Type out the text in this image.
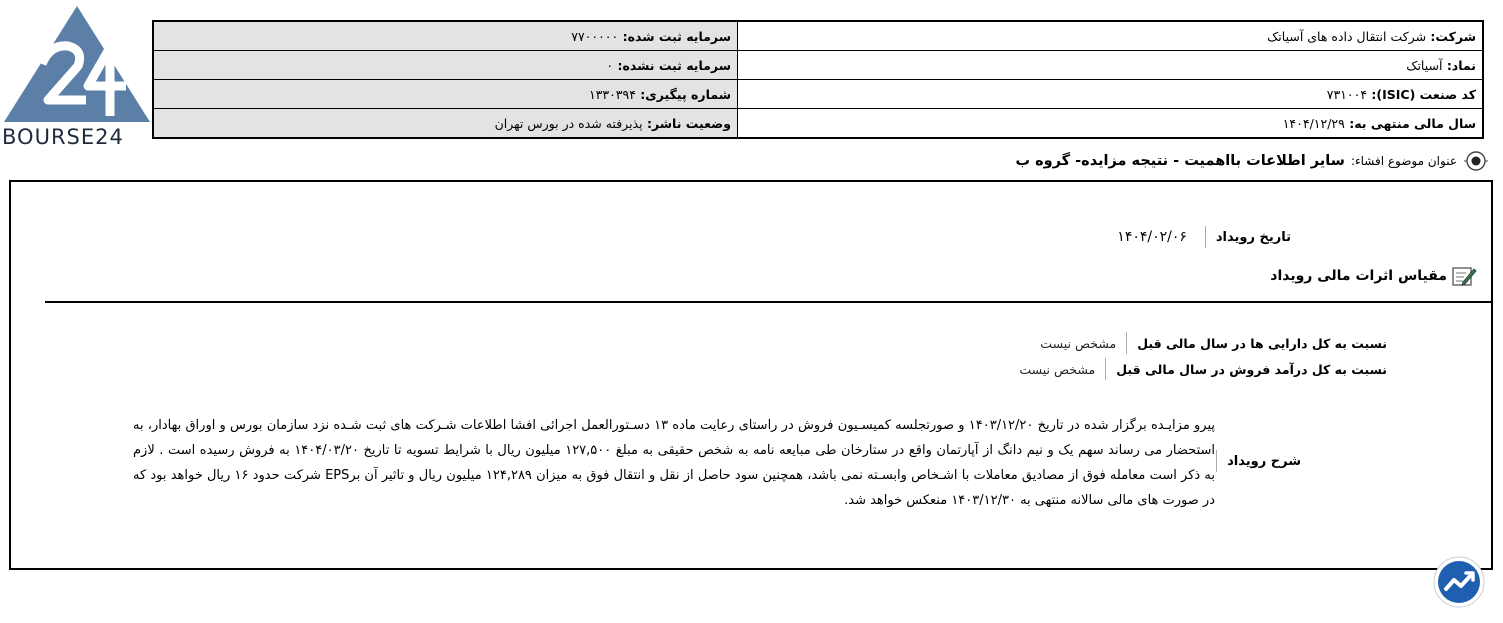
BOURSE24
شرکت:شرکت انتقال داده های آسیاتک	سرمایه ثبت شده:۷۷۰۰۰۰۰
نماد:آسیاتک	سرمایه ثبت نشده:۰
کد صنعت (ISIC):۷۳۱۰۰۴	شماره پیگیری:۱۳۳۰۳۹۴
سال مالی منتهی به:۱۴۰۴/۱۲/۲۹	وضعیت ناشر:پذیرفته شده در بورس تهران
عنوان موضوع افشاء:
سایر اطلاعات بااهمیت - نتیجه مزایده- گروه ب
تاریخ رویداد
۱۴۰۴/۰۲/۰۶
مقیاس اثرات مالی رویداد
نسبت به کل دارایی ها در سال مالی قبل
مشخص نیست
نسبت به کل درآمد فروش در سال مالی قبل
مشخص نیست
شرح رویداد
پیرو مزایـده برگزار شده در تاریخ ۱۴۰۳/۱۲/۲۰ و صورتجلسه کمیسـیون فروش در راستای رعایت ماده ۱۳ دسـتورالعمل اجرائی افشا اطلاعات شـرکت های ثبت شـده نزد سازمان بورس و اوراق بهادار، به استحضار می رساند سهم یک و نیم دانگ از آپارتمان واقع در ستارخان طی مبایعه نامه به شخص حقیقی به مبلغ ۱۲۷,۵۰۰ میلیون ریال با شرایط تسویه تا تاریخ ۱۴۰۴/۰۳/۲۰ به فروش رسیده است . لازم به ذکر است معامله فوق از مصادیق معاملات با اشـخاص وابسـته نمی باشد، همچنین سود حاصل از نقل و انتقال فوق به میزان ۱۲۴,۲۸۹ میلیون ریال و تاثیر آن برEPS شرکت حدود ۱۶ ریال خواهد بود که در صورت های مالی سالانه منتهی به ۱۴۰۳/۱۲/۳۰ منعکس خواهد شد.
